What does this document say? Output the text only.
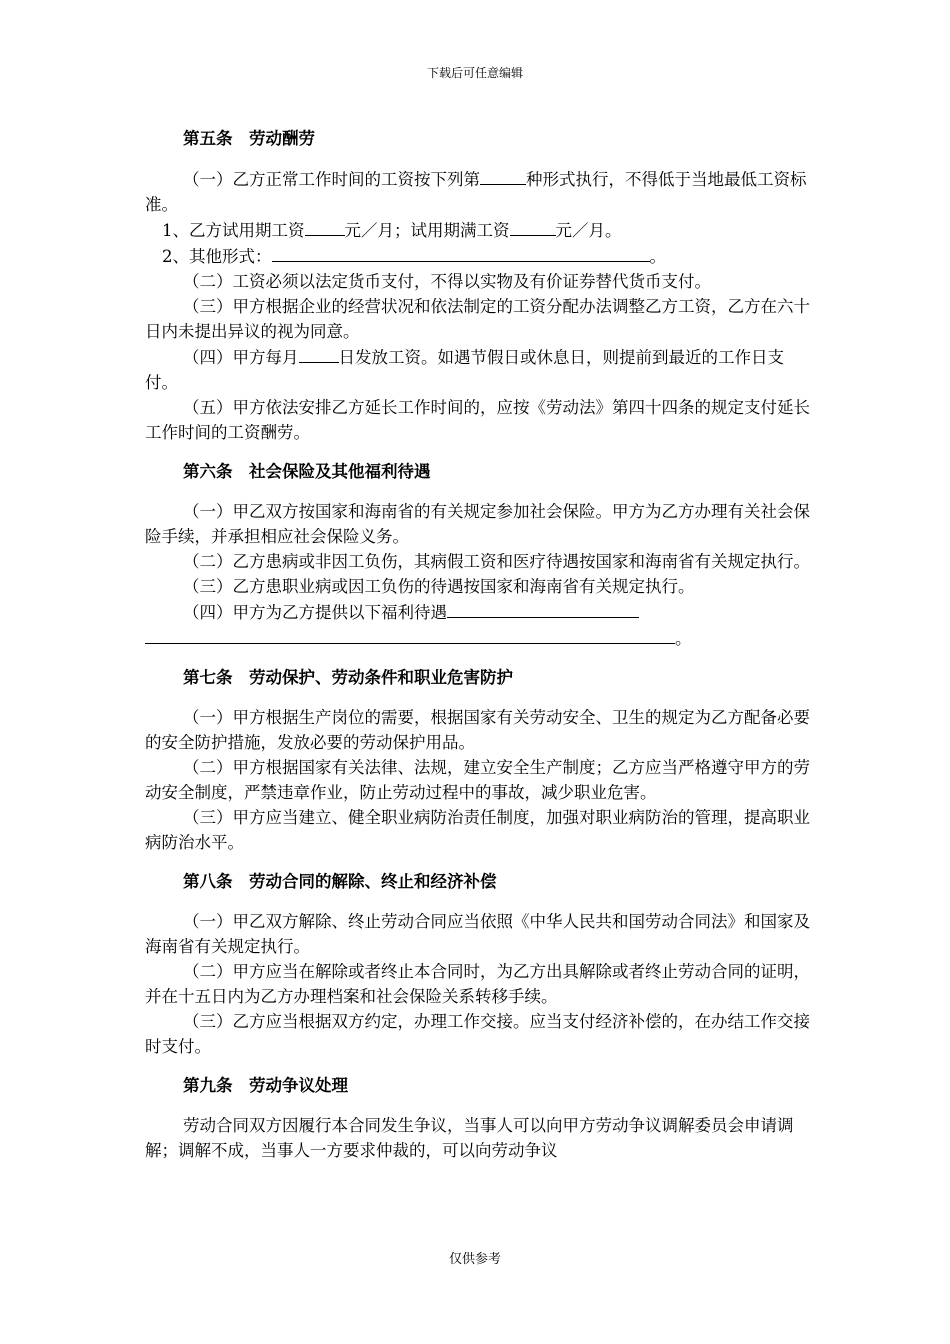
下载后可任意编辑
第五条　劳动酬劳

（一）乙方正常工作时间的工资按下列第	种形式执行，不得低于当地最低工资标准。

1、乙方试用期工资 元／月；试用期满工资	元／月。

2、其他形式：	。

（二）工资必须以法定货币支付，不得以实物及有价证券替代货币支付。

（三）甲方根据企业的经营状况和依法制定的工资分配办法调整乙方工资，乙方在六十日内未提出异议的视为同意。

（四）甲方每月 日发放工资。如遇节假日或休息日，则提前到最近的工作日支付。

（五）甲方依法安排乙方延长工作时间的，应按《劳动法》第四十四条的规定支付延长工作时间的工资酬劳。

第六条　社会保险及其他福利待遇

（一）甲乙双方按国家和海南省的有关规定参加社会保险。甲方为乙方办理有关社会保险手续，并承担相应社会保险义务。

（二）乙方患病或非因工负伤，其病假工资和医疗待遇按国家和海南省有关规定执行。

（三）乙方患职业病或因工负伤的待遇按国家和海南省有关规定执行。

（四）甲方为乙方提供以下福利待遇

。

第七条　劳动保护、劳动条件和职业危害防护

（一）甲方根据生产岗位的需要，根据国家有关劳动安全、卫生的规定为乙方配备必要的安全防护措施，发放必要的劳动保护用品。

（二）甲方根据国家有关法律、法规，建立安全生产制度；乙方应当严格遵守甲方的劳动安全制度，严禁违章作业，防止劳动过程中的事故，减少职业危害。

（三）甲方应当建立、健全职业病防治责任制度，加强对职业病防治的管理，提高职业病防治水平。

第八条　劳动合同的解除、终止和经济补偿

（一）甲乙双方解除、终止劳动合同应当依照《中华人民共和国劳动合同法》和国家及海南省有关规定执行。

（二）甲方应当在解除或者终止本合同时，为乙方出具解除或者终止劳动合同的证明，并在十五日内为乙方办理档案和社会保险关系转移手续。

（三）乙方应当根据双方约定，办理工作交接。应当支付经济补偿的，在办结工作交接时支付。

第九条　劳动争议处理

劳动合同双方因履行本合同发生争议，当事人可以向甲方劳动争议调解委员会申请调解；调解不成，当事人一方要求仲裁的，可以向劳动争议

仅供参考
